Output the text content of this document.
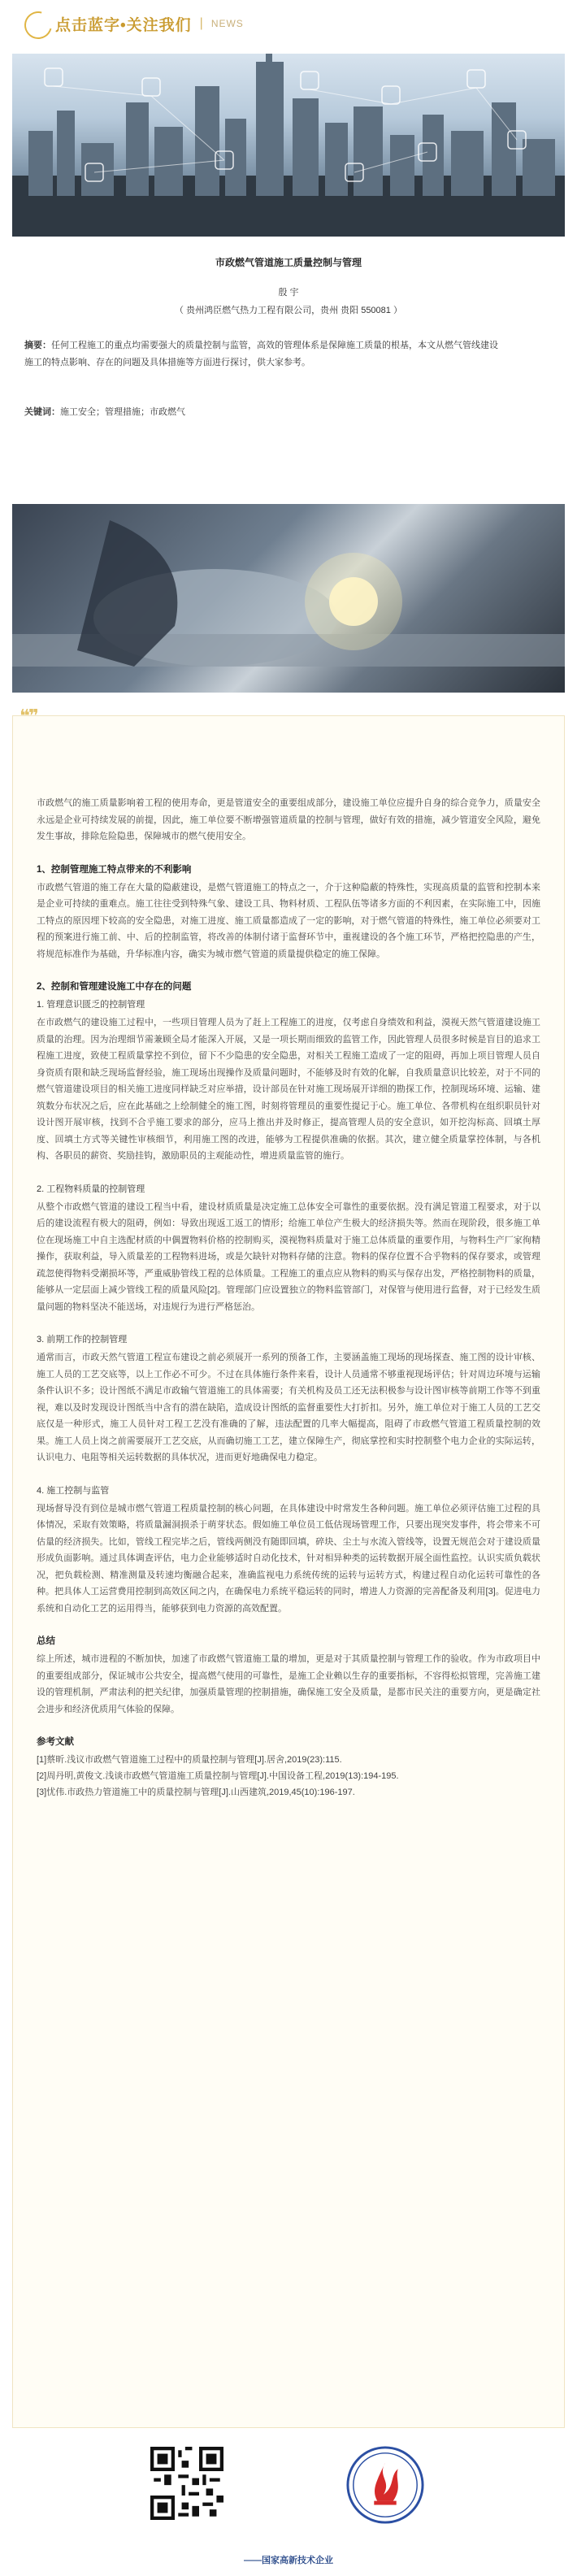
点击蓝字•关注我们 | NEWS
市政燃气管道施工质量控制与管理
殷 宇
（ 贵州鸿臣燃气热力工程有限公司，贵州 贵阳 550081 ）
摘要：任何工程施工的重点均需要强大的质量控制与监管，高效的管理体系是保障施工质量的根基，本文从燃气管线建设
施工的特点影响、存在的问题及具体措施等方面进行探讨，供大家参考。
关键词：施工安全；管理措施；市政燃气

市政燃气的施工质量影响着工程的使用寿命，更是管道安全的重要组成部分，建设施工单位应提升自身的综合竞争力，质量安全永远是企业可持续发展的前提，因此，施工单位要不断增强管道质量的控制与管理，做好有效的措施，减少管道安全风险，避免发生事故，排除危险隐患，保障城市的燃气使用安全。

1、控制管理施工特点带来的不利影响

市政燃气管道的施工存在大量的隐蔽建设，是燃气管道施工的特点之一，介于这种隐蔽的特殊性，实现高质量的监管和控制本来是企业可持续的重难点。施工往往受到特殊气象、建设工具、物料材质、工程队伍等诸多方面的不利因素，在实际施工中，因施工特点的原因埋下较高的安全隐患，对施工进度、施工质量都造成了一定的影响，对于燃气管道的特殊性，施工单位必须要对工程的预案进行施工前、中、后的控制监管，将改善的体制付诸于监督环节中，重视建设的各个施工环节，严格把控隐患的产生，将规范标准作为基础，升华标准内容，确实为城市燃气管道的质量提供稳定的施工保障。

2、控制和管理建设施工中存在的问题

1. 管理意识匮乏的控制管理

在市政燃气的建设施工过程中，一些项目管理人员为了赶上工程施工的进度，仅考虑自身绩效和利益，漠视天然气管道建设施工质量的治理。因为治理细节需兼顾全局才能深入开展，又是一项长期而细致的监管工作，因此管理人员很多时候是盲目的追求工程施工进度，致使工程质量掌控不到位，留下不少隐患的安全隐患，对相关工程施工造成了一定的阻碍，再加上项目管理人员自身资质有限和缺乏现场监督经验，施工现场出现操作及质量问题时，不能够及时有效的化解，自我质量意识比较差，对于不同的燃气管道建设项目的相关施工进度同样缺乏对应举措，设计部员在针对施工现场展开详细的勘探工作，控制现场环境、运输、建筑数分布状况之后，应在此基础之上绘制健全的施工图，时刻将管理员的重要性提记于心。施工单位、各带机构在组织职员针对设计图开展审核，找到不合乎施工要求的部分，应马上推出并及时修正，提高管理人员的安全意识，如开挖沟标高、回填土厚度、回填土方式等关键性审核细节，利用施工图的改进，能够为工程提供准确的依据。其次，建立健全质量掌控体制，与各机构、各职员的薪资、奖励挂钩，激励职员的主观能动性，增进质量监管的施行。

2. 工程物料质量的控制管理

从整个市政燃气管道的建设工程当中看，建设材质质量是决定施工总体安全可靠性的重要依据。没有满足管道工程要求，对于以后的建设流程有极大的阻碍，例如：导致出现返工返工的情形；给施工单位产生极大的经济损失等。然而在现阶段，很多施工单位在现场施工中自主选配材质的中偶置物料价格的控制购买，漠视物料质量对于施工总体质量的重要作用，与物料生产厂家徇精操作，获取利益，导入质量差的工程物料进场，或是欠缺针对物料存储的注意。物料的保存位置不合乎物料的保存要求，或管理疏忽使得物料受潮损坏等，严重威胁管线工程的总体质量。工程施工的重点应从物料的购买与保存出发，严格控制物料的质量，能够从一定层面上减少管线工程的质量风险[2]。管理部门应设置独立的物料监管部门，对保管与使用进行监督，对于已经发生质量问题的物料坚决不能送场，对违规行为进行严格惩治。

3. 前期工作的控制管理

通常而言，市政天然气管道工程宣布建设之前必须展开一系列的预备工作，主要涵盖施工现场的现场探查、施工图的设计审核、施工人员的工艺交底等，以上工作必不可少。不过在具体施行条件来看，设计人员通常不够重视现场评估；针对周边环境与运输条件认识不多；设计图纸不满足市政输气管道施工的具体需要；有关机构及员工还无法积极参与设计图审核等前期工作等不到重视，难以及时发现设计图纸当中含有的潜在缺陷，造成设计图纸的监督重要性大打折扣。另外，施工单位对于施工人员的工艺交底仅是一种形式，施工人员针对工程工艺没有准确的了解，违法配置的几率大幅提高，阻碍了市政燃气管道工程质量控制的效果。施工人员上岗之前需要展开工艺交底，从而确切施工工艺，建立保障生产，彻底掌控和实时控制整个电力企业的实际运转，认识电力、电阻等相关运转数据的具体状况，进而更好地确保电力稳定。

4. 施工控制与监管

现场督导没有到位是城市燃气管道工程质量控制的核心问题，在具体建设中时常发生各种问题。施工单位必须评估施工过程的具体情况，采取有效策略，将质量漏洞损杀于萌芽状态。假如施工单位员工低估现场管理工作，只要出现突发事件，将会带来不可估量的经济损失。比如，管线工程完毕之后，管线两侧没有随即回填，碎块、尘土与水流入管线等，设置无规范会对于建设质量形成负面影响。通过具体调查评估，电力企业能够适时自动化技术，针对相异种类的运转数据开展全面性监控。认识实质负载状况，把负载检测、精准测量及转速均衡融合起来，准确监视电力系统传统的运转与运转方式，构建过程自动化运转可靠性的各种。把具体人工运营费用控制到高效区间之内，在确保电力系统平稳运转的同时，增进人力资源的完善配备及利用[3]。促进电力系统和自动化工艺的运用得当，能够获到电力资源的高效配置。

总结

综上所述，城市进程的不断加快，加速了市政燃气管道施工量的增加，更是对于其质量控制与管理工作的验收。作为市政项目中的重要组成部分，保证城市公共安全，提高燃气使用的可靠性，是施工企业赖以生存的重要指标，不容得松拟管理，完善施工建设的管理机制，严肃法利的把关纪律，加强质量管理的控制措施，确保施工安全及质量，是都市民关注的重要方向，更是确定社会进步和经济优质用气体验的保障。

参考文献

[1]蔡昕.浅议市政燃气管道施工过程中的质量控制与管理[J].居舍,2019(23):115.

[2]周丹明,黄俊文.浅谈市政燃气管道施工质量控制与管理[J].中国设备工程,2019(13):194-195.

[3]忧伟.市政热力管道施工中的质量控制与管理[J].山西建筑,2019,45(10):196-197.

——国家高新技术企业
